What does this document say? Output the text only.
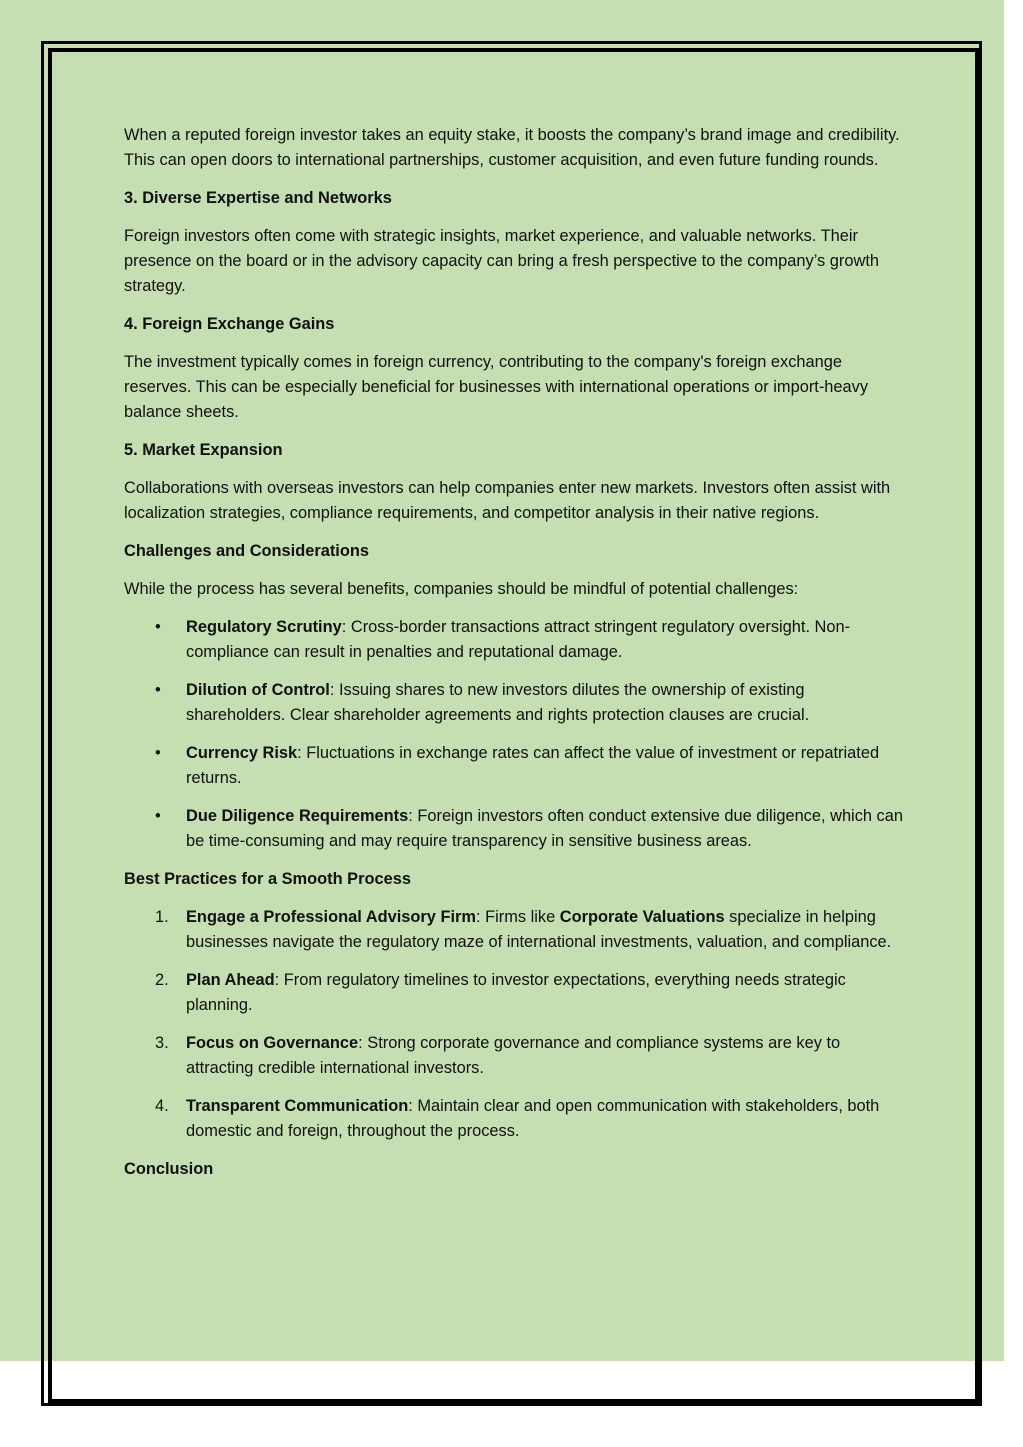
When a reputed foreign investor takes an equity stake, it boosts the company’s brand image and credibility. This can open doors to international partnerships, customer acquisition, and even future funding rounds.

3. Diverse Expertise and Networks

Foreign investors often come with strategic insights, market experience, and valuable networks. Their presence on the board or in the advisory capacity can bring a fresh perspective to the company’s growth strategy.

4. Foreign Exchange Gains

The investment typically comes in foreign currency, contributing to the company's foreign exchange reserves. This can be especially beneficial for businesses with international operations or import-heavy balance sheets.

5. Market Expansion

Collaborations with overseas investors can help companies enter new markets. Investors often assist with localization strategies, compliance requirements, and competitor analysis in their native regions.

Challenges and Considerations

While the process has several benefits, companies should be mindful of potential challenges:

• Regulatory Scrutiny: Cross-border transactions attract stringent regulatory oversight. Non-compliance can result in penalties and reputational damage.
• Dilution of Control: Issuing shares to new investors dilutes the ownership of existing shareholders. Clear shareholder agreements and rights protection clauses are crucial.
• Currency Risk: Fluctuations in exchange rates can affect the value of investment or repatriated returns.
• Due Diligence Requirements: Foreign investors often conduct extensive due diligence, which can be time-consuming and may require transparency in sensitive business areas.
Best Practices for a Smooth Process
1. Engage a Professional Advisory Firm: Firms like Corporate Valuations specialize in helping businesses navigate the regulatory maze of international investments, valuation, and compliance.
2. Plan Ahead: From regulatory timelines to investor expectations, everything needs strategic planning.
3. Focus on Governance: Strong corporate governance and compliance systems are key to attracting credible international investors.
4. Transparent Communication: Maintain clear and open communication with stakeholders, both domestic and foreign, throughout the process.
Conclusion
